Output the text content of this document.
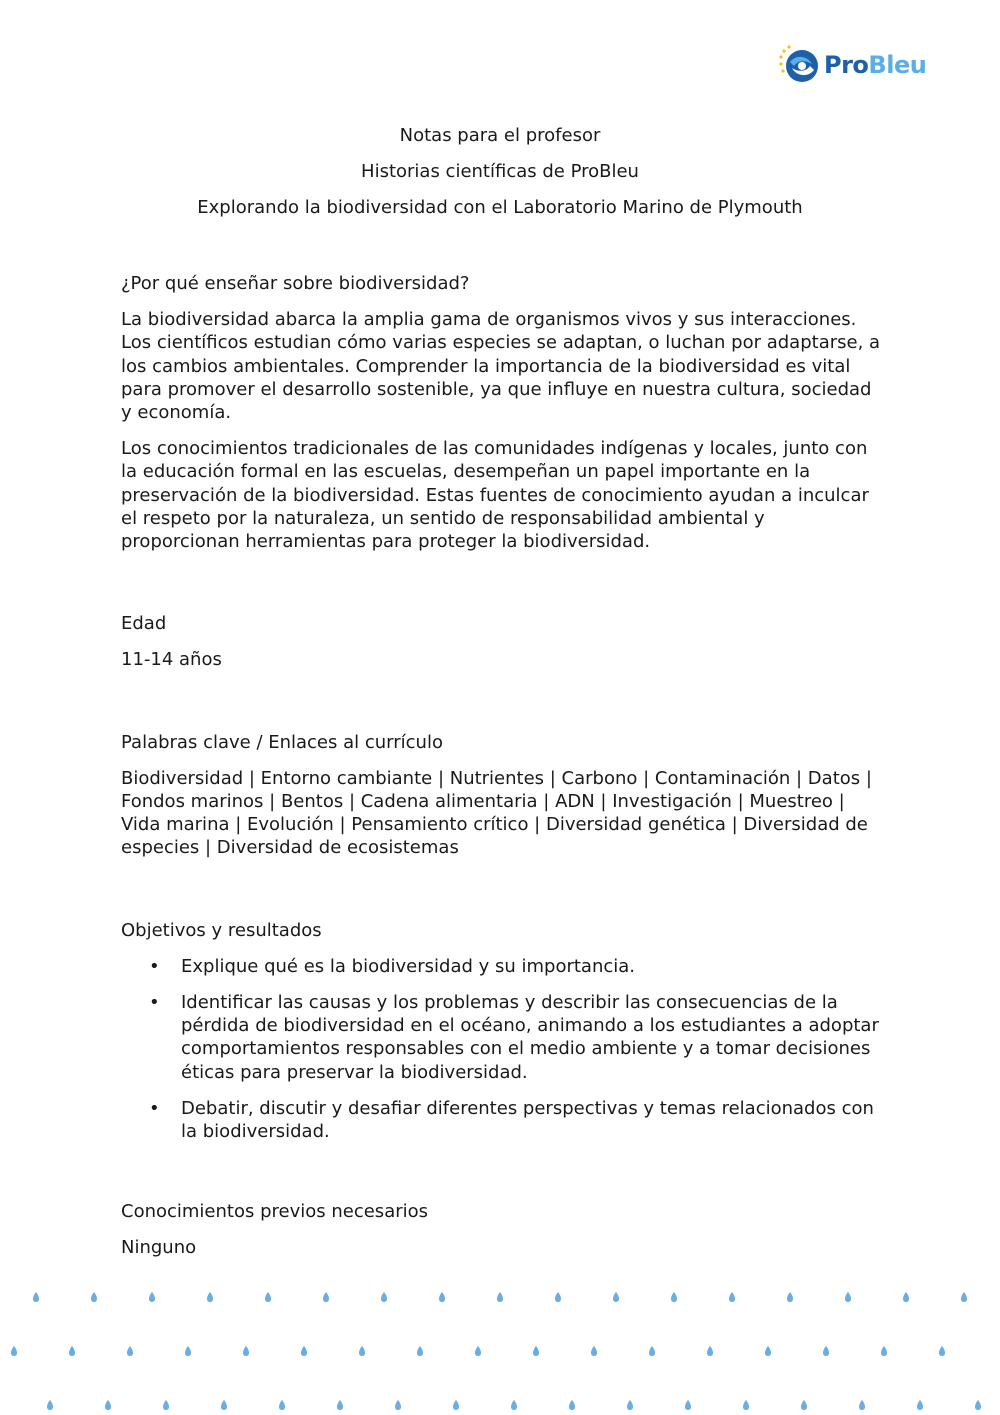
ProBleu
Notas para el profesor
Historias científicas de ProBleu
Explorando la biodiversidad con el Laboratorio Marino de Plymouth

¿Por qué enseñar sobre biodiversidad?

La biodiversidad abarca la amplia gama de organismos vivos y sus interacciones. Los científicos estudian cómo varias especies se adaptan, o luchan por adaptarse, a los cambios ambientales. Comprender la importancia de la biodiversidad es vital para promover el desarrollo sostenible, ya que influye en nuestra cultura, sociedad y economía.

Los conocimientos tradicionales de las comunidades indígenas y locales, junto con la educación formal en las escuelas, desempeñan un papel importante en la preservación de la biodiversidad. Estas fuentes de conocimiento ayudan a inculcar el respeto por la naturaleza, un sentido de responsabilidad ambiental y proporcionan herramientas para proteger la biodiversidad.

Edad

11-14 años

Palabras clave / Enlaces al currículo

Biodiversidad | Entorno cambiante | Nutrientes | Carbono | Contaminación | Datos | Fondos marinos | Bentos | Cadena alimentaria | ADN | Investigación | Muestreo | Vida marina | Evolución | Pensamiento crítico | Diversidad genética | Diversidad de especies | Diversidad de ecosistemas

Objetivos y resultados

• Explique qué es la biodiversidad y su importancia.
• Identificar las causas y los problemas y describir las consecuencias de la pérdida de biodiversidad en el océano, animando a los estudiantes a adoptar comportamientos responsables con el medio ambiente y a tomar decisiones éticas para preservar la biodiversidad.
• Debatir, discutir y desafiar diferentes perspectivas y temas relacionados con la biodiversidad.

Conocimientos previos necesarios

Ninguno
